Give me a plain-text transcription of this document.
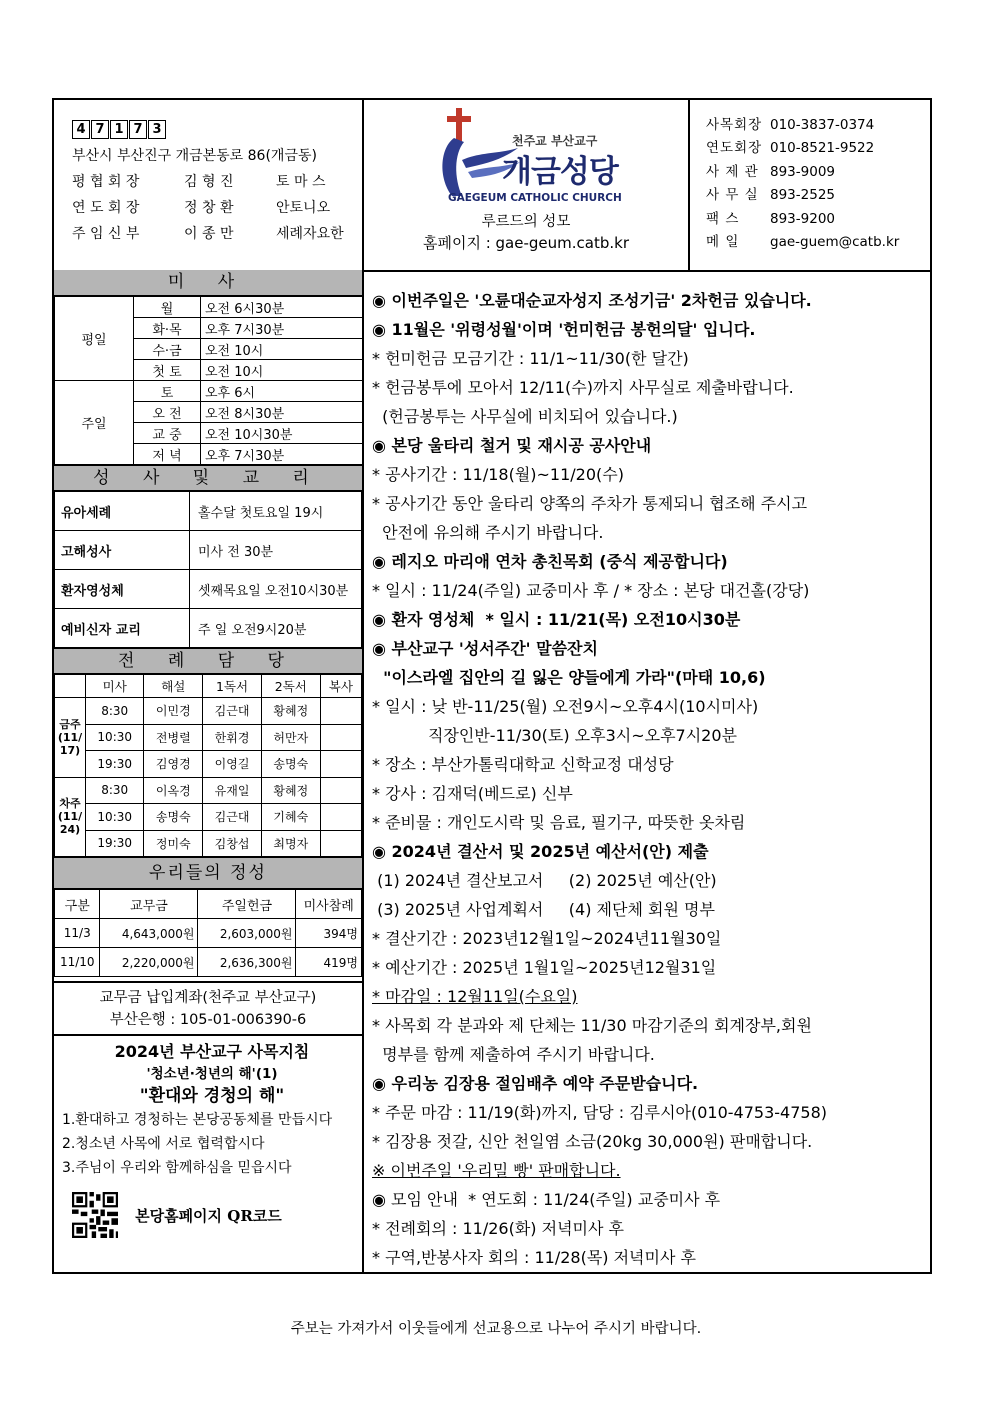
4 7 1 7 3
부산시 부산진구 개금본동로 86(개금동)
평 협 회 장	김 형 진	토 마 스
연 도 회 장	정 창 환	안토니오
주 임 신 부	이 종 만	세례자요한
천주교 부산교구
개금성당
GAEGEUM CATHOLIC CHURCH
루르드의 성모
홈페이지 : gae-geum.catb.kr
사목회장 010-3837-0374
연도회장 010-8521-9522
사 제 관 893-9009
사 무 실 893-2525
팩 스 893-9200
메 일 gae-guem@catb.kr
미 사
평일	월	오전 6시30분
	화·목	오후 7시30분
	수·금	오전 10시
	첫 토	오전 10시
주일	토	오후 6시
	오 전	오전 8시30분
	교 중	오전 10시30분
	저 녁	오후 7시30분
성 사 및 교 리
유아세례	홀수달 첫토요일 19시
고해성사	미사 전 30분
환자영성체	셋째목요일 오전10시30분
예비신자 교리	주 일 오전9시20분
전 례 담 당
	미사	해설	1독서	2독서	복사
금주(11/17)	8:30	이민경	김근대	황혜정	
	10:30	전병렬	한휘경	허만자	
	19:30	김영경	이영길	송명숙	
차주(11/24)	8:30	이옥경	유재일	황혜정	
	10:30	송명숙	김근대	기혜숙	
	19:30	정미숙	김창섭	최명자	
우리들의 정성
구분	교무금	주일헌금	미사참례
11/3	4,643,000원	2,603,000원	394명
11/10	2,220,000원	2,636,300원	419명
교무금 납입계좌(천주교 부산교구)
부산은행 : 105-01-006390-6
2024년 부산교구 사목지침
'청소년·청년의 해'(1)
"환대와 경청의 해"
1.환대하고 경청하는 본당공동체를 만듭시다
2.청소년 사목에 서로 협력합시다
3.주님이 우리와 함께하심을 믿읍시다
본당홈페이지 QR코드
◉ 이번주일은 '오륜대순교자성지 조성기금' 2차헌금 있습니다.
◉ 11월은 '위령성월'이며 '헌미헌금 봉헌의달' 입니다.
* 헌미헌금 모금기간 : 11/1~11/30(한 달간)
* 헌금봉투에 모아서 12/11(수)까지 사무실로 제출바랍니다.
(헌금봉투는 사무실에 비치되어 있습니다.)
◉ 본당 울타리 철거 및 재시공 공사안내
* 공사기간 : 11/18(월)~11/20(수)
* 공사기간 동안 울타리 양쪽의 주차가 통제되니 협조해 주시고
안전에 유의해 주시기 바랍니다.
◉ 레지오 마리애 연차 총친목회 (중식 제공합니다)
* 일시 : 11/24(주일) 교중미사 후 / * 장소 : 본당 대건홀(강당)
◉ 환자 영성체  * 일시 : 11/21(목) 오전10시30분
◉ 부산교구 '성서주간' 말씀잔치
"이스라엘 집안의 길 잃은 양들에게 가라"(마태 10,6)
* 일시 : 낮 반-11/25(월) 오전9시~오후4시(10시미사)
직장인반-11/30(토) 오후3시~오후7시20분
* 장소 : 부산가톨릭대학교 신학교정 대성당
* 강사 : 김재덕(베드로) 신부
* 준비물 : 개인도시락 및 음료, 필기구, 따뜻한 옷차림
◉ 2024년 결산서 및 2025년 예산서(안) 제출
(1) 2024년 결산보고서     (2) 2025년 예산(안)
(3) 2025년 사업계획서     (4) 제단체 회원 명부
* 결산기간 : 2023년12월1일~2024년11월30일
* 예산기간 : 2025년 1월1일~2025년12월31일
* 마감일 : 12월11일(수요일)
* 사목회 각 분과와 제 단체는 11/30 마감기준의 회계장부,회원
명부를 함께 제출하여 주시기 바랍니다.
◉ 우리농 김장용 절임배추 예약 주문받습니다.
* 주문 마감 : 11/19(화)까지, 담당 : 김루시아(010-4753-4758)
* 김장용 젓갈, 신안 천일염 소금(20kg 30,000원) 판매합니다.
※ 이번주일 '우리밀 빵' 판매합니다.
◉ 모임 안내  * 연도회 : 11/24(주일) 교중미사 후
* 전례회의 : 11/26(화) 저녁미사 후
* 구역,반봉사자 회의 : 11/28(목) 저녁미사 후
주보는 가져가서 이웃들에게 선교용으로 나누어 주시기 바랍니다.
